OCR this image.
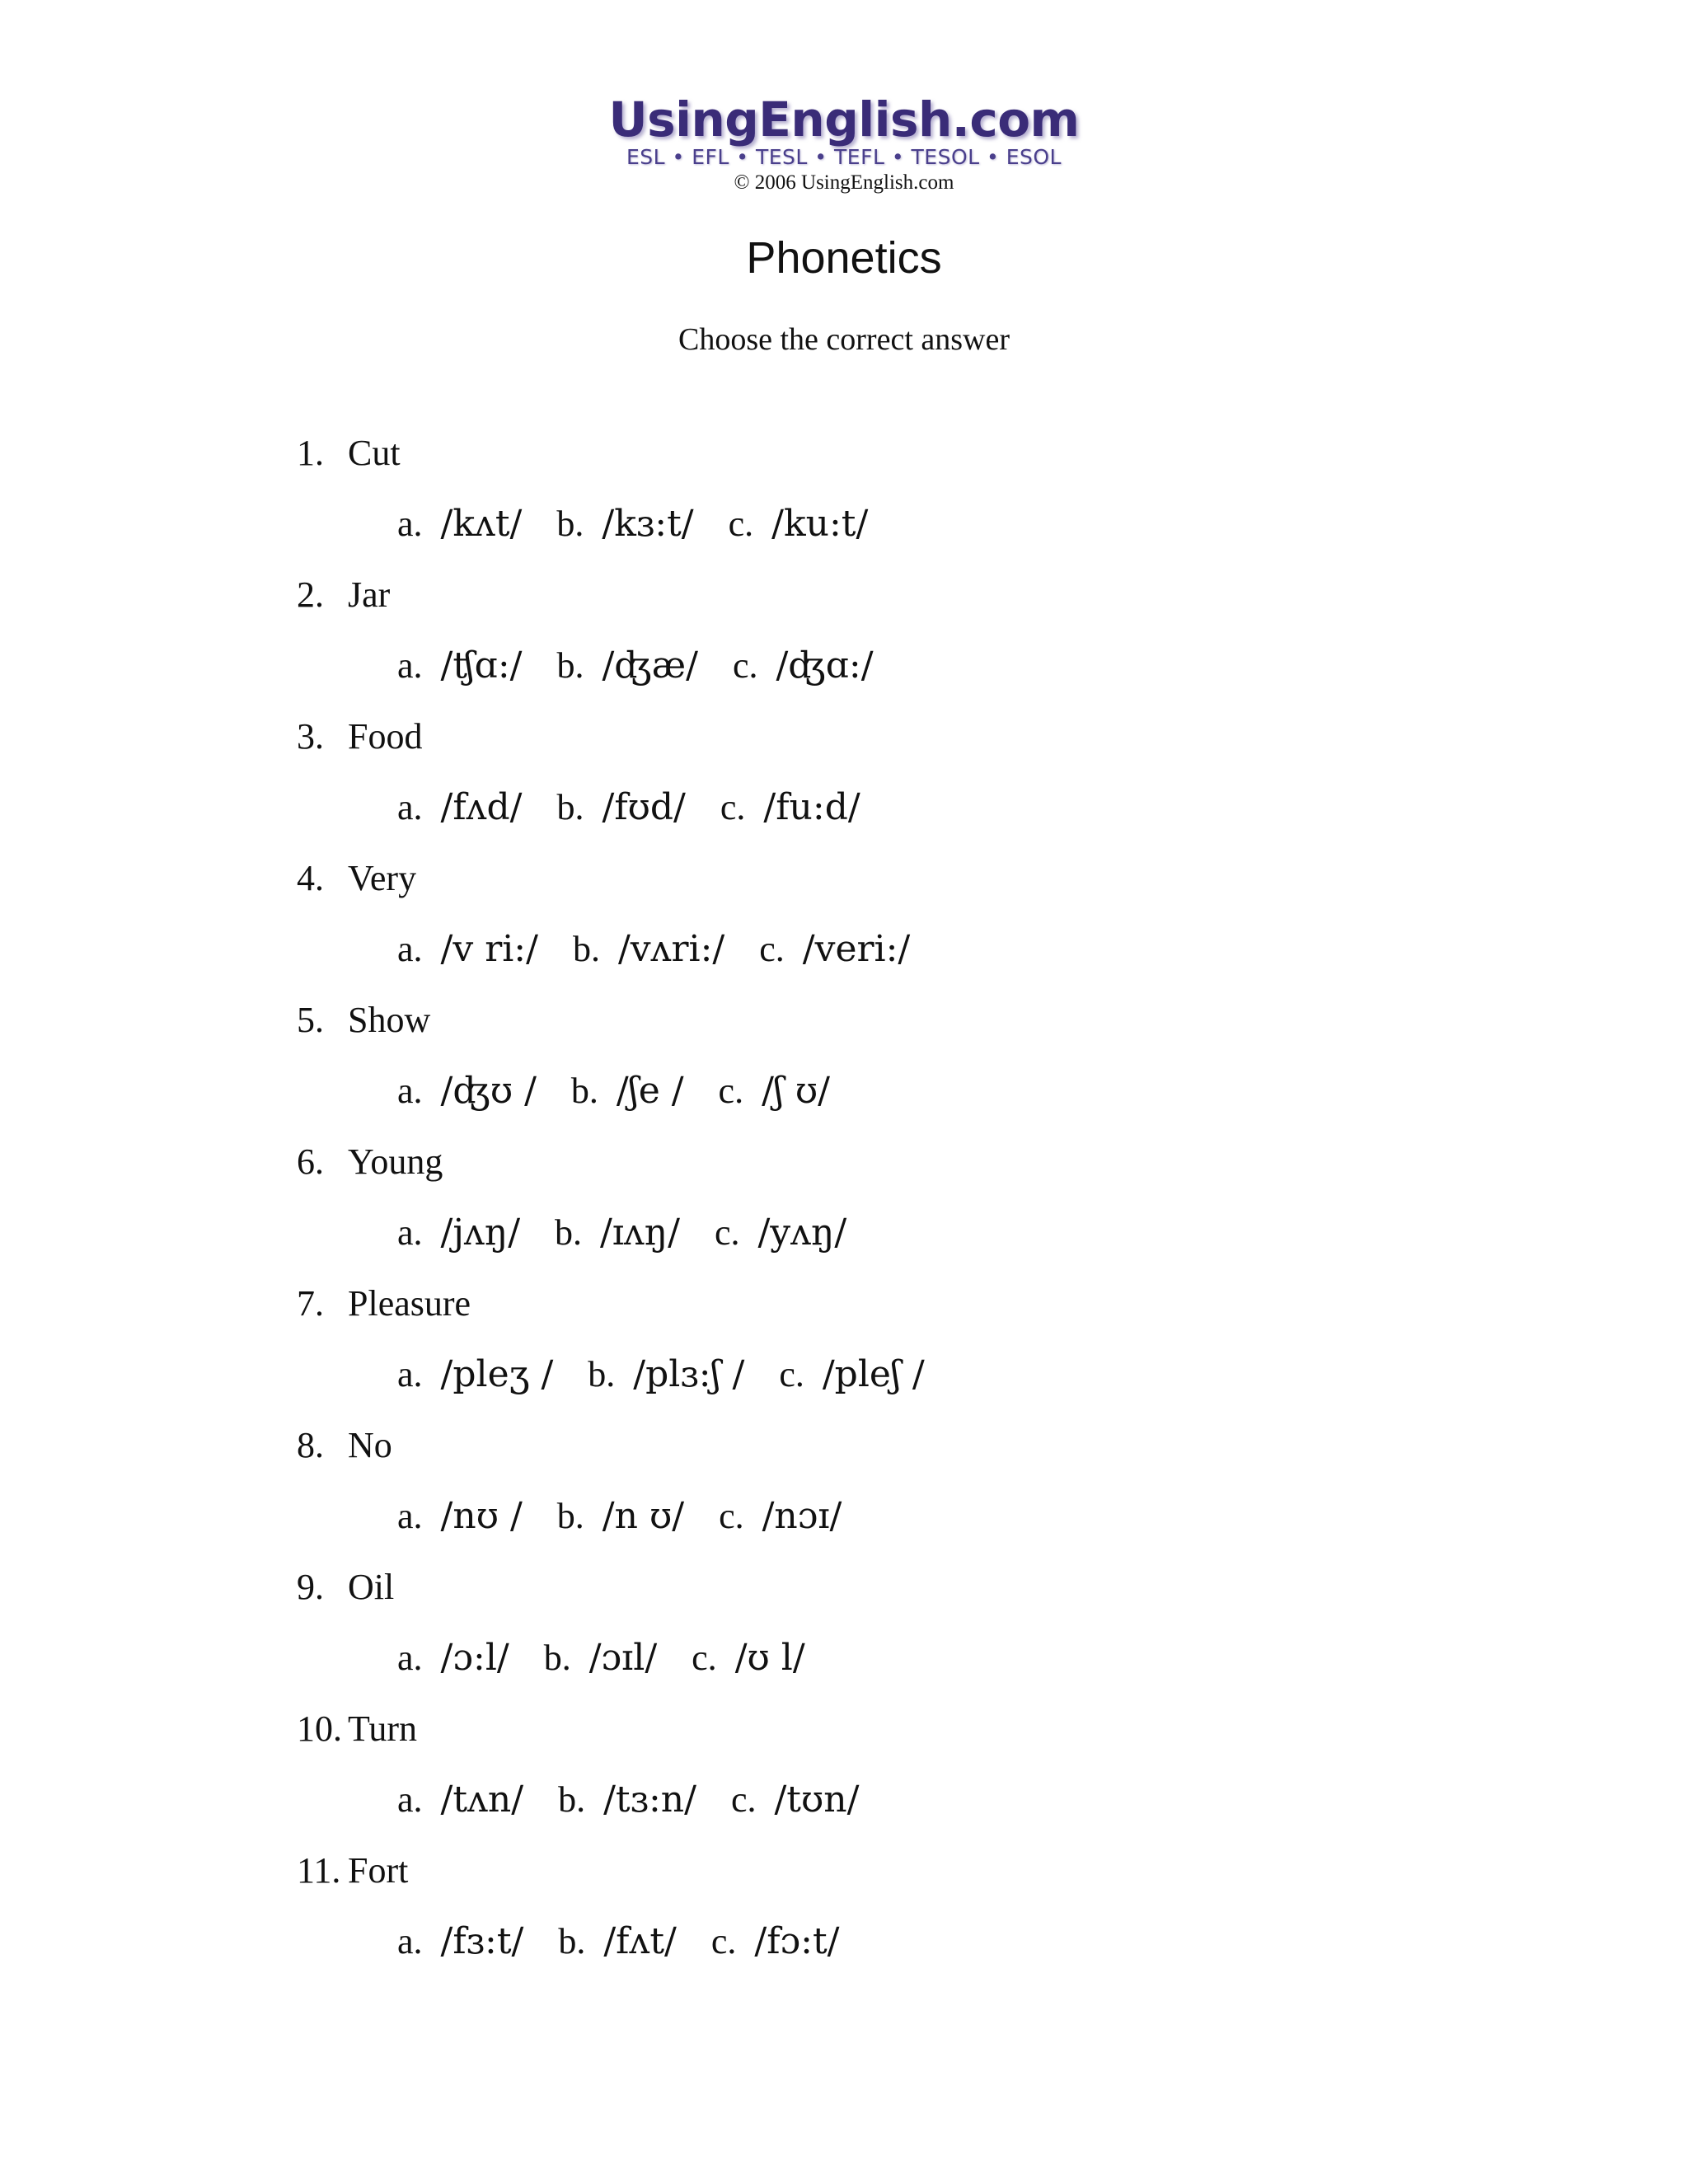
UsingEnglish.com
ESL • EFL • TESL • TEFL • TESOL • ESOL
© 2006 UsingEnglish.com
Phonetics
Choose the correct answer
1. Cut
a. /kʌt/ b. /kɜ:t/ c. /ku:t/
2. Jar
a. /ʧɑ:/ b. /ʤæ/ c. /ʤɑ:/
3. Food
a. /fʌd/ b. /fʊd/ c. /fu:d/
4. Very
a. /v ri:/ b. /vʌri:/ c. /veri:/
5. Show
a. /ʤʊ / b. /ʃe / c. /ʃ ʊ/
6. Young
a. /jʌŋ/ b. /ɪʌŋ/ c. /yʌŋ/
7. Pleasure
a. /pleʒ / b. /plɜ:ʃ / c. /pleʃ /
8. No
a. /nʊ / b. /n ʊ/ c. /nɔɪ/
9. Oil
a. /ɔ:l/ b. /ɔɪl/ c. /ʊ l/
10. Turn
a. /tʌn/ b. /tɜ:n/ c. /tʊn/
11. Fort
a. /fɜ:t/ b. /fʌt/ c. /fɔ:t/
